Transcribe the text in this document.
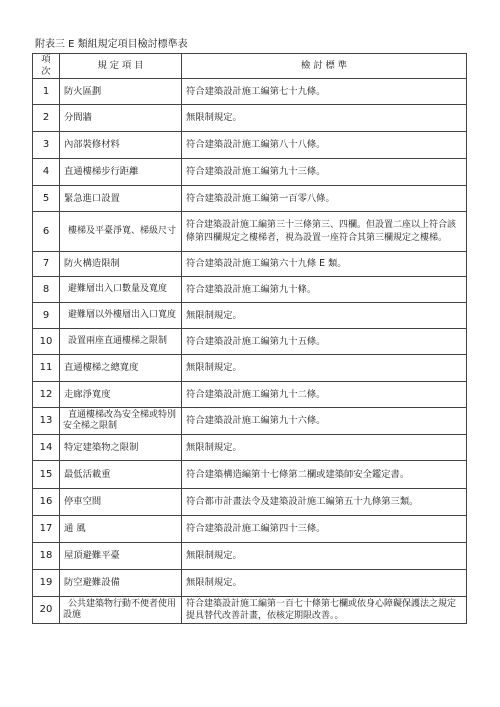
附表三 E 類組規定項目檢討標準表
項次	規 定 項 目	檢 討 標 準
1	防火區劃	符合建築設計施工編第七十九條。
2	分間牆	無限制規定。
3	內部裝修材料	符合建築設計施工編第八十八條。
4	直通樓梯步行距離	符合建築設計施工編第九十三條。
5	緊急進口設置	符合建築設計施工編第一百零八條。
6	樓梯及平臺淨寬、梯級尺寸	符合建築設計施工編第三十三條第三、四欄。但設置二座以上符合該條第四欄規定之樓梯者，視為設置一座符合其第三欄規定之樓梯。
7	防火構造限制	符合建築設計施工編第六十九條 E 類。
8	避難層出入口數量及寬度	符合建築設計施工編第九十條。
9	避難層以外樓層出入口寬度	無限制規定。
10	設置兩座直通樓梯之限制	符合建築設計施工編第九十五條。
11	直通樓梯之總寬度	無限制規定。
12	走廊淨寬度	符合建築設計施工編第九十二條。
13	直通樓梯改為安全梯或特別安全梯之限制	符合建築設計施工編第九十六條。
14	特定建築物之限制	無限制規定。
15	最低活載重	符合建築構造編第十七條第二欄或建築師安全鑑定書。
16	停車空間	符合都市計畫法令及建築設計施工編第五十九條第三類。
17	通 風	符合建築設計施工編第四十三條。
18	屋頂避難平臺	無限制規定。
19	防空避難設備	無限制規定。
20	公共建築物行動不便者使用設施	符合建築設計施工編第一百七十條第七欄或依身心障礙保護法之規定提具替代改善計畫，依核定期限改善。。
